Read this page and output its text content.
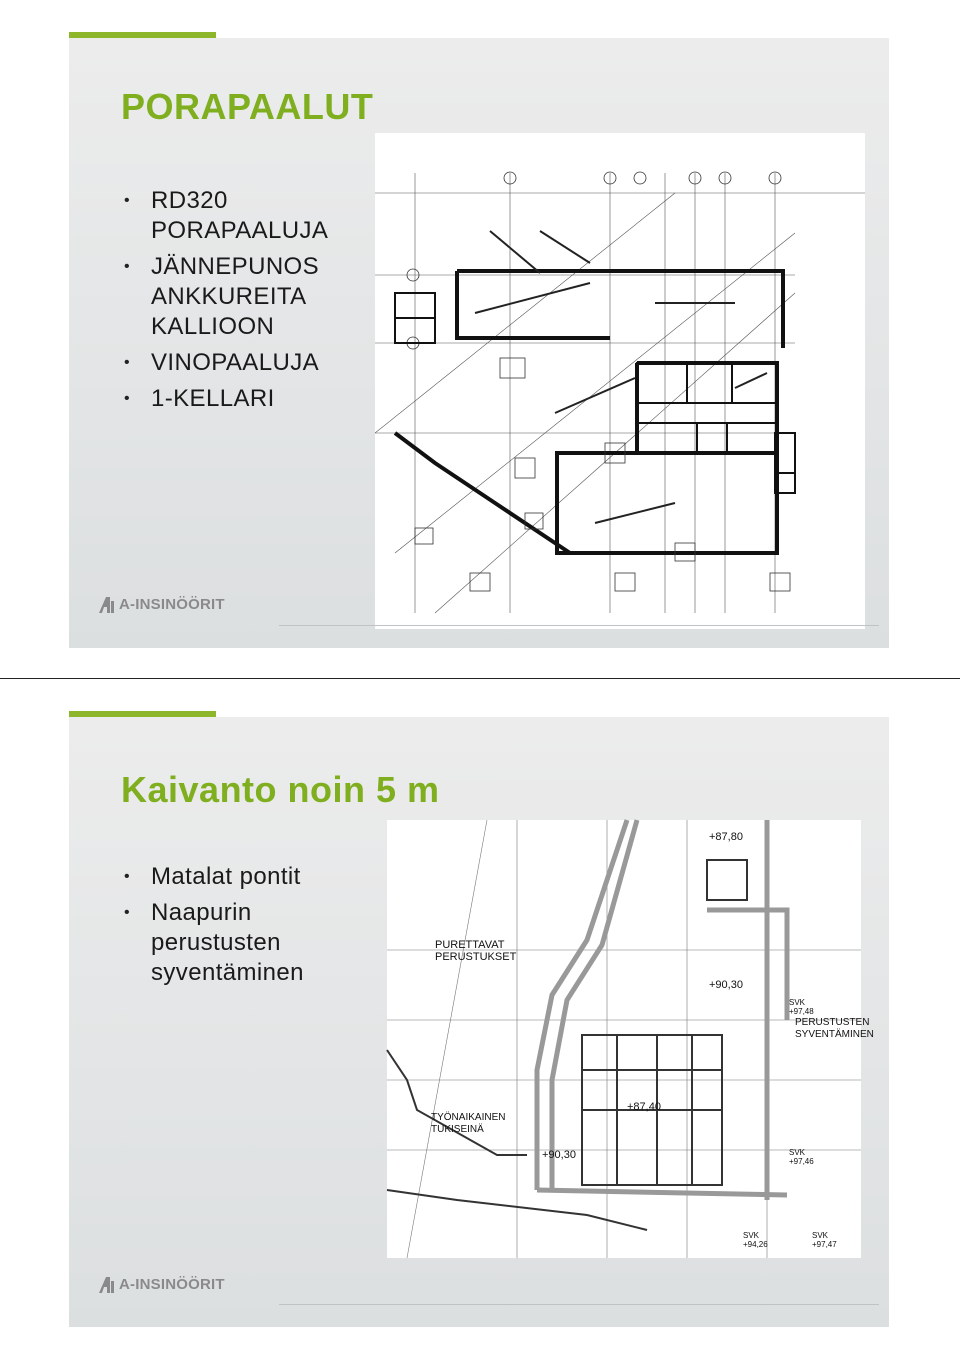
PORAPAALUT
• RD320
PORAPAALUJA
• JÄNNEPUNOS
ANKKUREITA
KALLIOON
• VINOPAALUJA
• 1-KELLARI
A-INSINÖÖRIT
Kaivanto noin 5 m
• Matalat pontit
• Naapurin
perustusten
syventäminen
+87,80
PURETTAVAT
PERUSTUKSET
+90,30
PERUSTUSTEN
SYVENTÄMINEN
TYÖNAIKAINEN
TUKISEINÄ
+87,40
+90,30
SVK
+97,48
SVK
+97,46
SVK
+94,26
SVK
+97,47
A-INSINÖÖRIT
